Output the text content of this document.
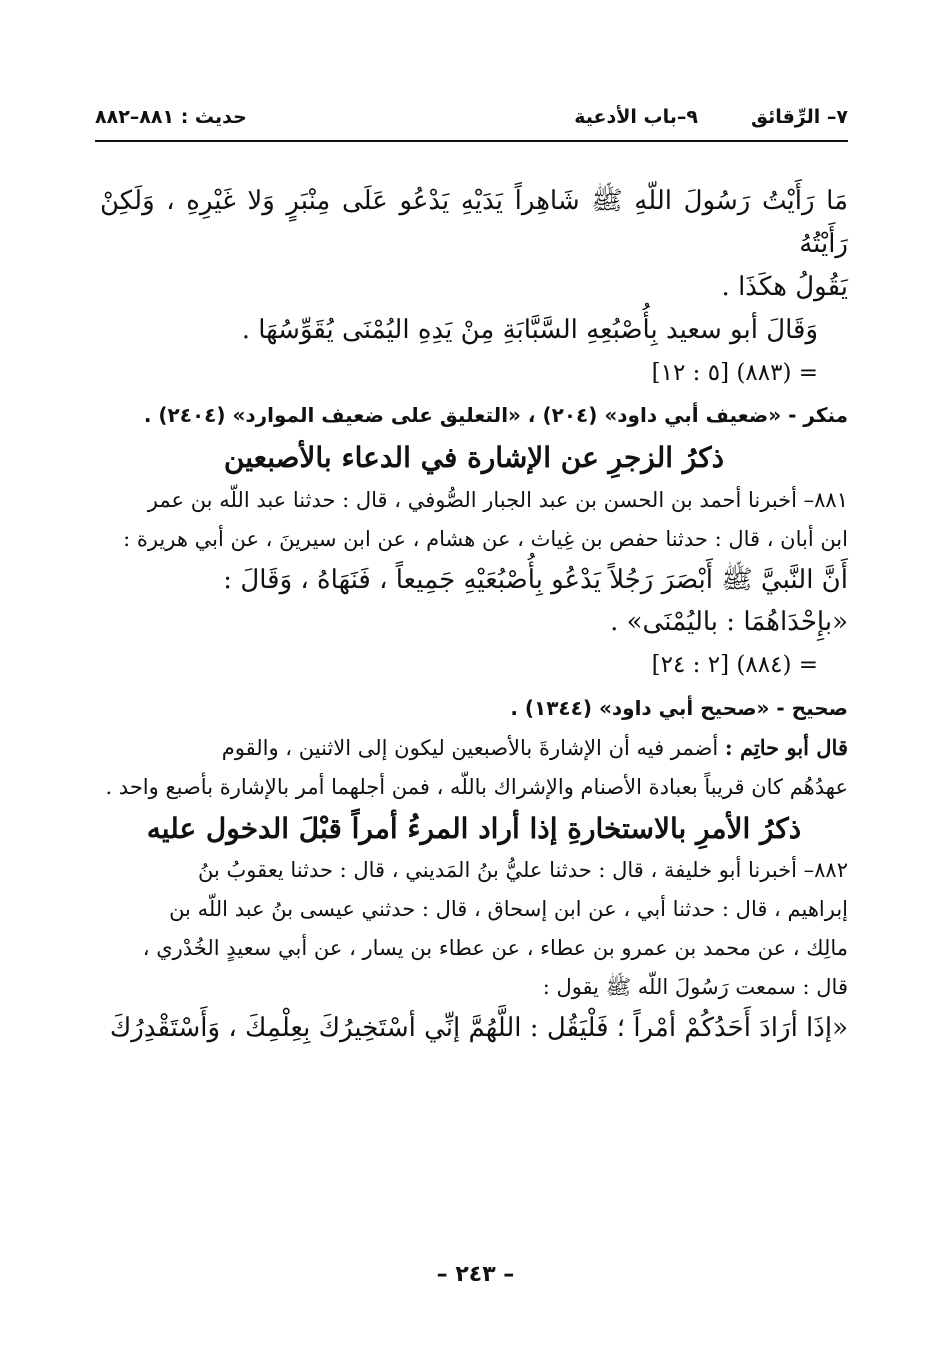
٧– الرِّقائق
٩–باب الأدعية
حديث : ٨٨١–٨٨٢

مَا رَأَيْتُ رَسُولَ اللّهِ ﷺ شَاهِراً يَدَيْهِ يَدْعُو عَلَى مِنْبَرٍ وَلا غَيْرِهِ ، وَلَكِنْ رَأَيْتُهُ

يَقُولُ هكَذَا .

وَقَالَ أبو سعيد بِأُصْبُعِهِ السَّبَّابَةِ مِنْ يَدِهِ اليُمْنَى يُقَوِّسُهَا .

= (٨٨٣) [٥ : ١٢]

منكر - «ضعيف أبي داود» (٢٠٤) ، «التعليق على ضعيف الموارد» (٢٤٠٤) .

ذكرُ الزجرِ عن الإشارة في الدعاء بالأصبعين

٨٨١– أخبرنا أحمد بن الحسن بن عبد الجبار الصُّوفي ، قال : حدثنا عبد اللّه بن عمر

ابن أبان ، قال : حدثنا حفص بن غِياث ، عن هشام ، عن ابن سيرينَ ، عن أبي هريرة :

أَنَّ النَّبيَّ ﷺ أَبْصَرَ رَجُلاً يَدْعُو بِأُصْبُعَيْهِ جَمِيعاً ، فَنَهَاهُ ، وَقَالَ :

«بإِحْدَاهُمَا : باليُمْنَى» .

= (٨٨٤) [٢ : ٢٤]

صحيح - «صحيح أبي داود» (١٣٤٤) .

قال أبو حاتِم : أضمر فيه أن الإشارةَ بالأصبعين ليكون إلى الاثنين ، والقوم

عهدُهُم كان قريباً بعبادة الأصنام والإشراك باللّه ، فمن أجلهما أمر بالإشارة بأصبع واحد .

ذكرُ الأمرِ بالاستخارةِ إذا أراد المرءُ أمراً قبْلَ الدخول عليه

٨٨٢– أخبرنا أبو خليفة ، قال : حدثنا عليُّ بنُ المَديني ، قال : حدثنا يعقوبُ بنُ

إبراهيم ، قال : حدثنا أبي ، عن ابن إسحاق ، قال : حدثني عيسى بنُ عبد اللّه بن

مالِك ، عن محمد بن عمرو بن عطاء ، عن عطاء بن يسار ، عن أبي سعيدٍ الخُدْري ،

قال : سمعت رَسُولَ اللّه ﷺ يقول :

«إذَا أرَادَ أَحَدُكُمْ أمْراً ؛ فَلْيَقُل : اللَّهُمَّ إنِّي أسْتَخِيرُكَ بِعِلْمِكَ ، وَأَسْتَقْدِرُكَ

– ٢٤٣ –
